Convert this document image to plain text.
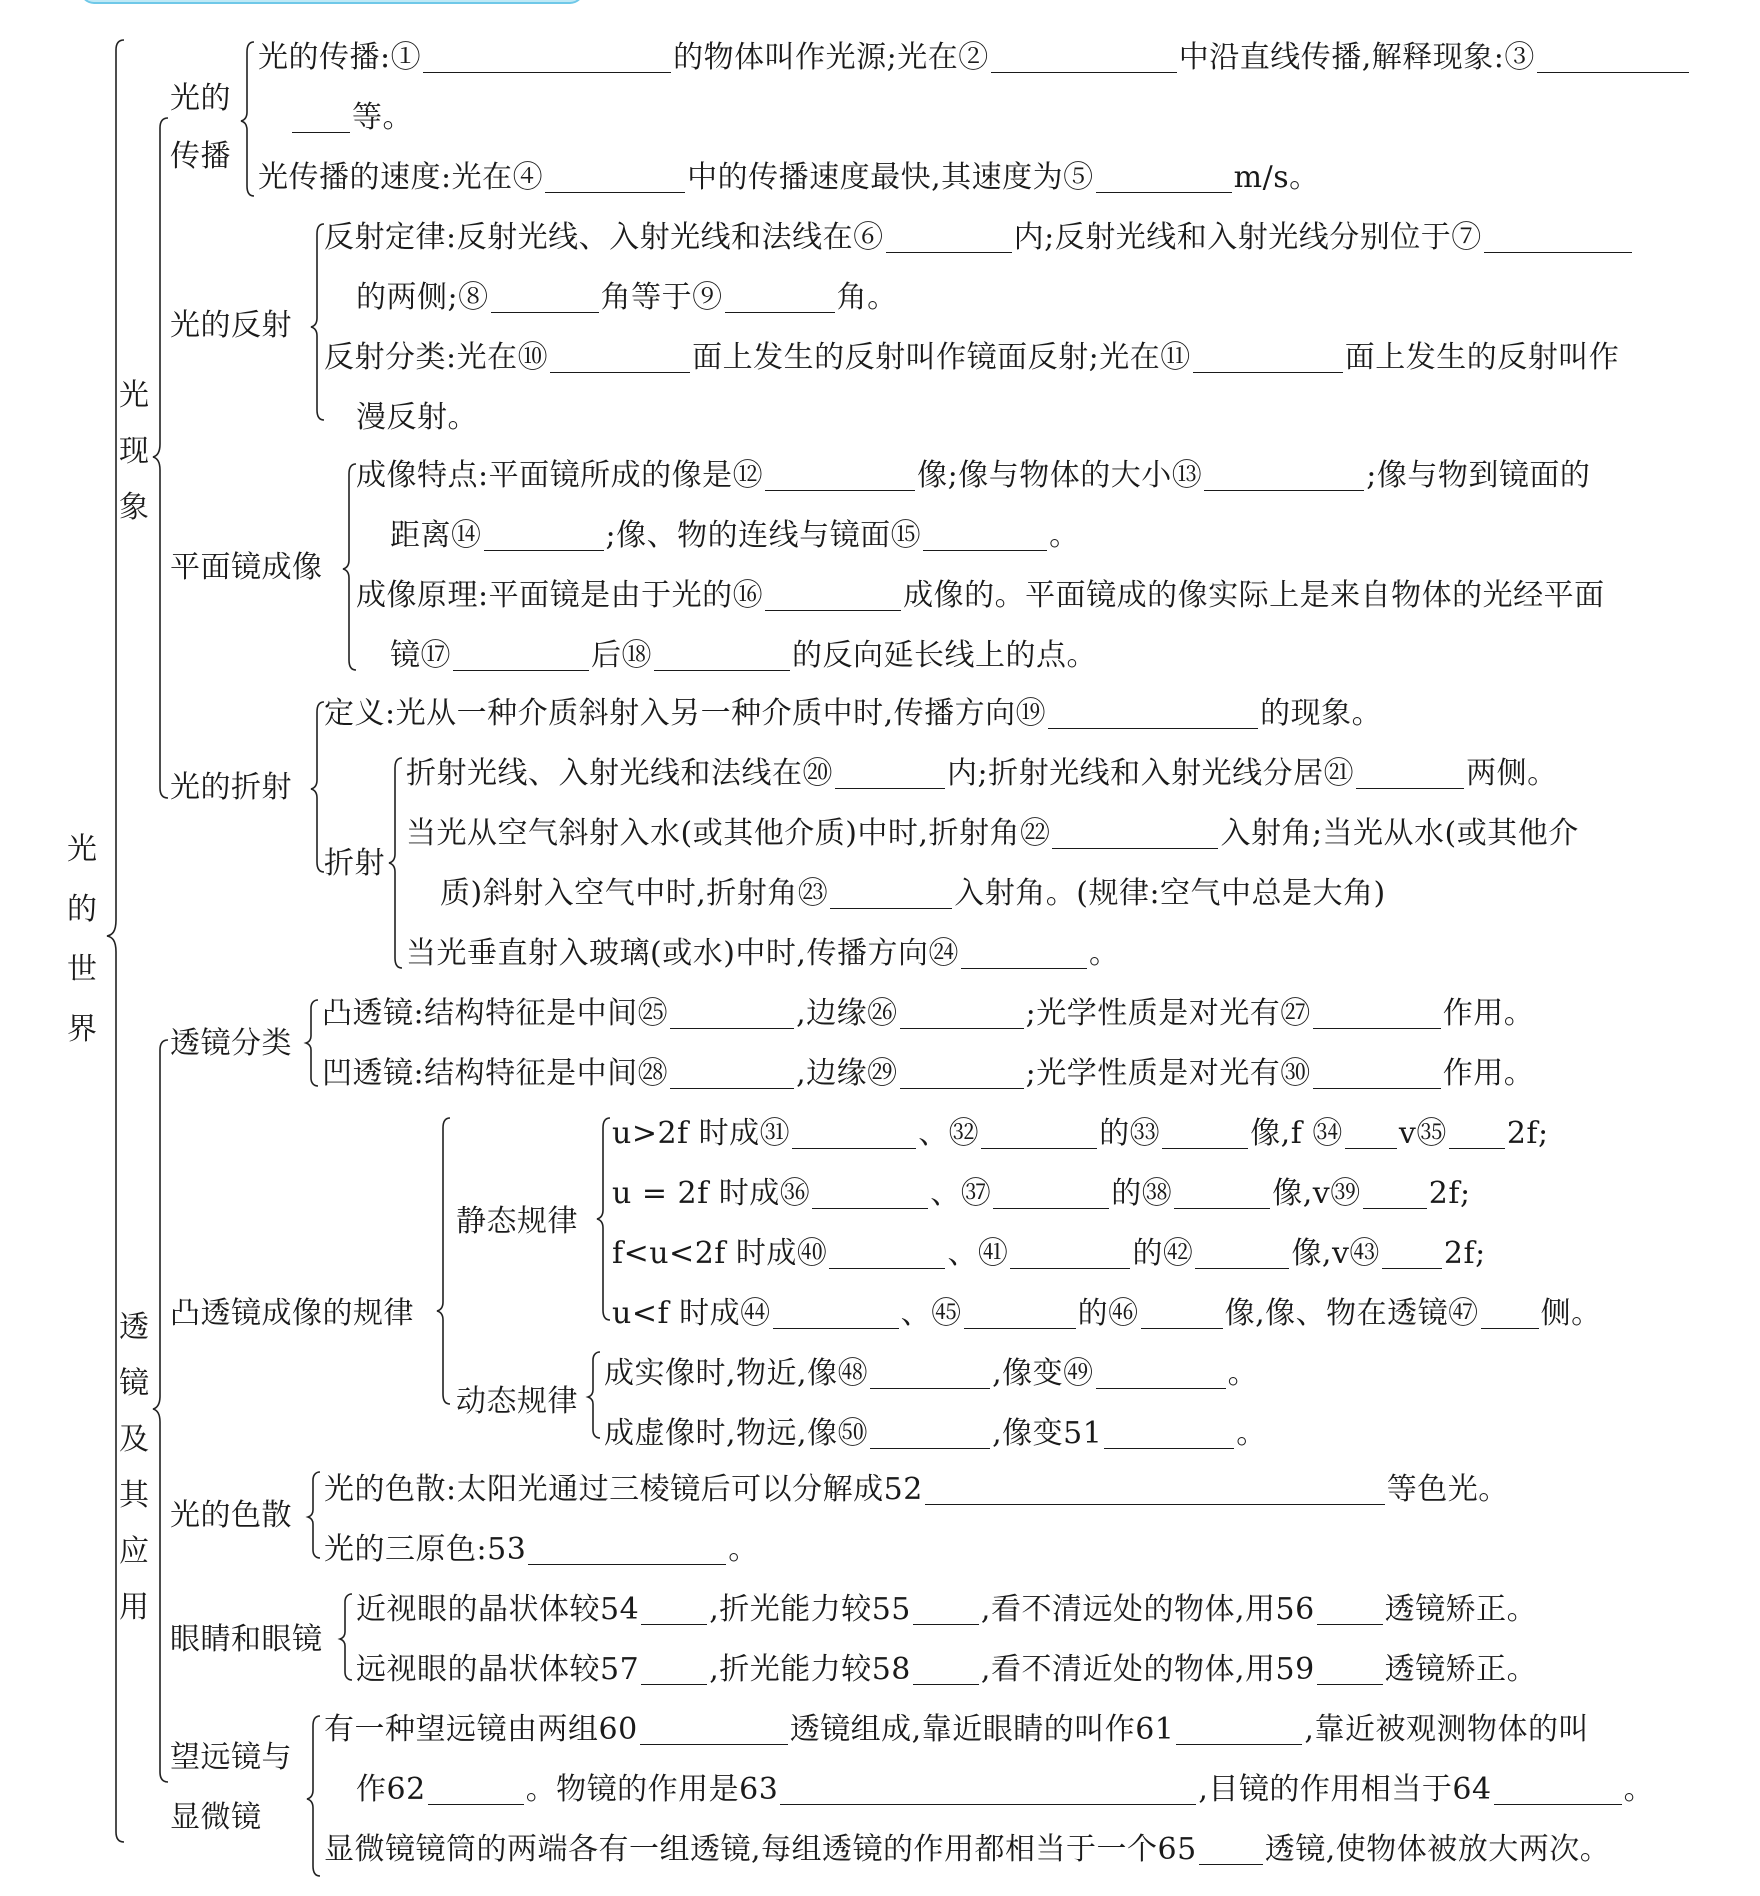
光的世界
光现象
透镜及其应用
光的传播
光的传播:①	的物体叫作光源;光在②	中沿直线传播,解释现象:③
等。
光传播的速度:光在④	中的传播速度最快,其速度为⑤	m/s。
光的反射
反射定律:反射光线、入射光线和法线在⑥	内;反射光线和入射光线分别位于⑦
的两侧;⑧	角等于⑨	角。
反射分类:光在⑩	面上发生的反射叫作镜面反射;光在⑪	面上发生的反射叫作
漫反射。
平面镜成像
成像特点:平面镜所成的像是⑫	像;像与物体的大小⑬	;像与物到镜面的
距离⑭	;像、物的连线与镜面⑮	。
成像原理:平面镜是由于光的⑯	成像的。平面镜成的像实际上是来自物体的光经平面
镜⑰	后⑱	的反向延长线上的点。
光的折射
定义:光从一种介质斜射入另一种介质中时,传播方向⑲	的现象。
折射
折射光线、入射光线和法线在⑳	内;折射光线和入射光线分居㉑	两侧。
当光从空气斜射入水(或其他介质)中时,折射角㉒	入射角;当光从水(或其他介
质)斜射入空气中时,折射角㉓	入射角。(规律:空气中总是大角)
当光垂直射入玻璃(或水)中时,传播方向㉔	。
透镜分类
凸透镜:结构特征是中间㉕	,边缘㉖	;光学性质是对光有㉗	作用。
凹透镜:结构特征是中间㉘	,边缘㉙	;光学性质是对光有㉚	作用。
凸透镜成像的规律
静态规律
动态规律
u>2f 时成㉛	、㉜	的㉝	像,f ㉞ v㉟ 2f;
u = 2f 时成㊱	、㊲	的㊳	像,v㊴ 2f;
f<u<2f 时成㊵	、㊶	的㊷	像,v㊸ 2f;
u<f 时成㊹	、㊺	的㊻	像,像、物在透镜㊼ 侧。
成实像时,物近,像㊽	,像变㊾	。
成虚像时,物远,像㊿	,像变51	。
光的色散
光的色散:太阳光通过三棱镜后可以分解成52	等色光。
光的三原色:53	。
眼睛和眼镜
近视眼的晶状体较54 ,折光能力较55 ,看不清远处的物体,用56 透镜矫正。
远视眼的晶状体较57 ,折光能力较58 ,看不清近处的物体,用59 透镜矫正。
望远镜与
显微镜
有一种望远镜由两组60	透镜组成,靠近眼睛的叫作61	,靠近被观测物体的叫
作62	。物镜的作用是63	,目镜的作用相当于64	。
显微镜镜筒的两端各有一组透镜,每组透镜的作用都相当于一个65 透镜,使物体被放大两次。
